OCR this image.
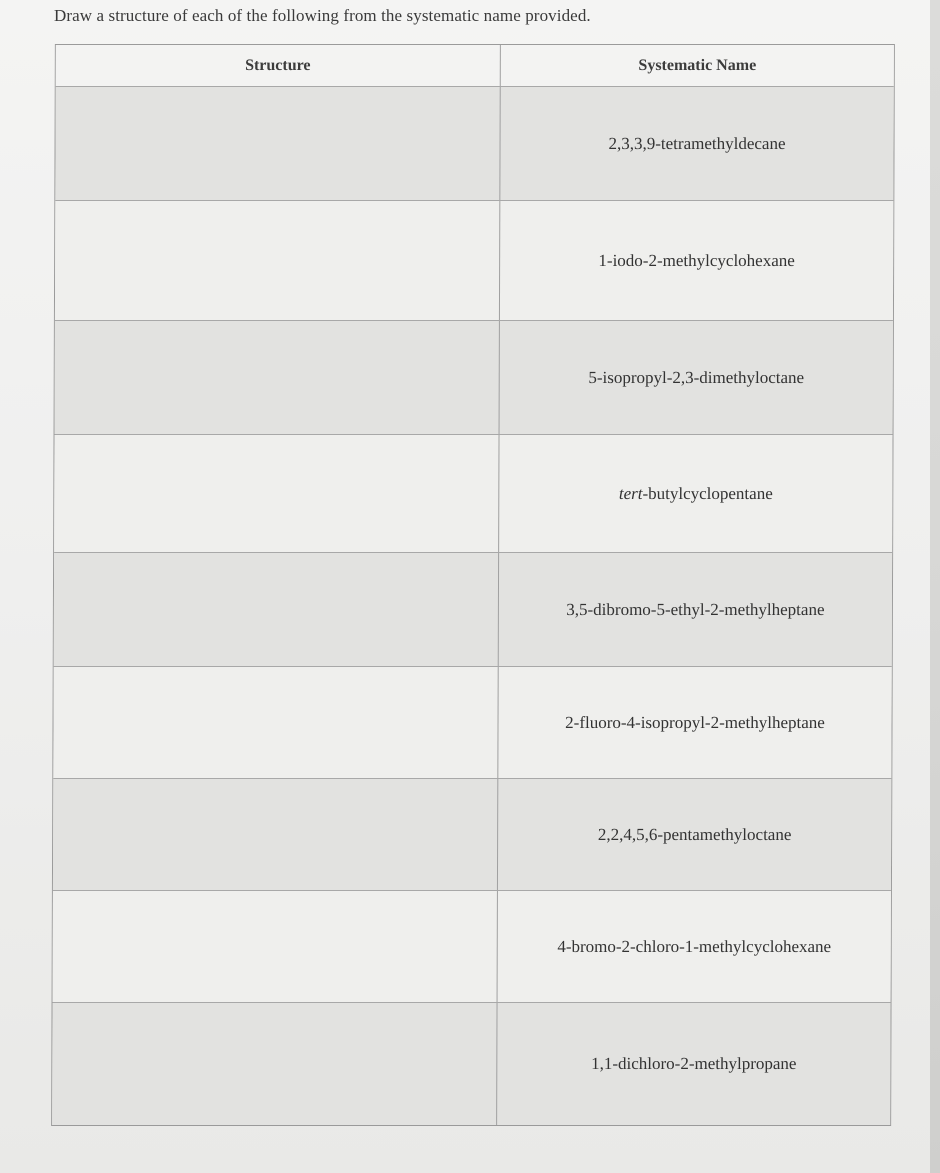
Draw a structure of each of the following from the systematic name provided.
Structure	Systematic Name
2,3,3,9-tetramethyldecane
1-iodo-2-methylcyclohexane
5-isopropyl-2,3-dimethyloctane
tert-butylcyclopentane
3,5-dibromo-5-ethyl-2-methylheptane
2-fluoro-4-isopropyl-2-methylheptane
2,2,4,5,6-pentamethyloctane
4-bromo-2-chloro-1-methylcyclohexane
1,1-dichloro-2-methylpropane
